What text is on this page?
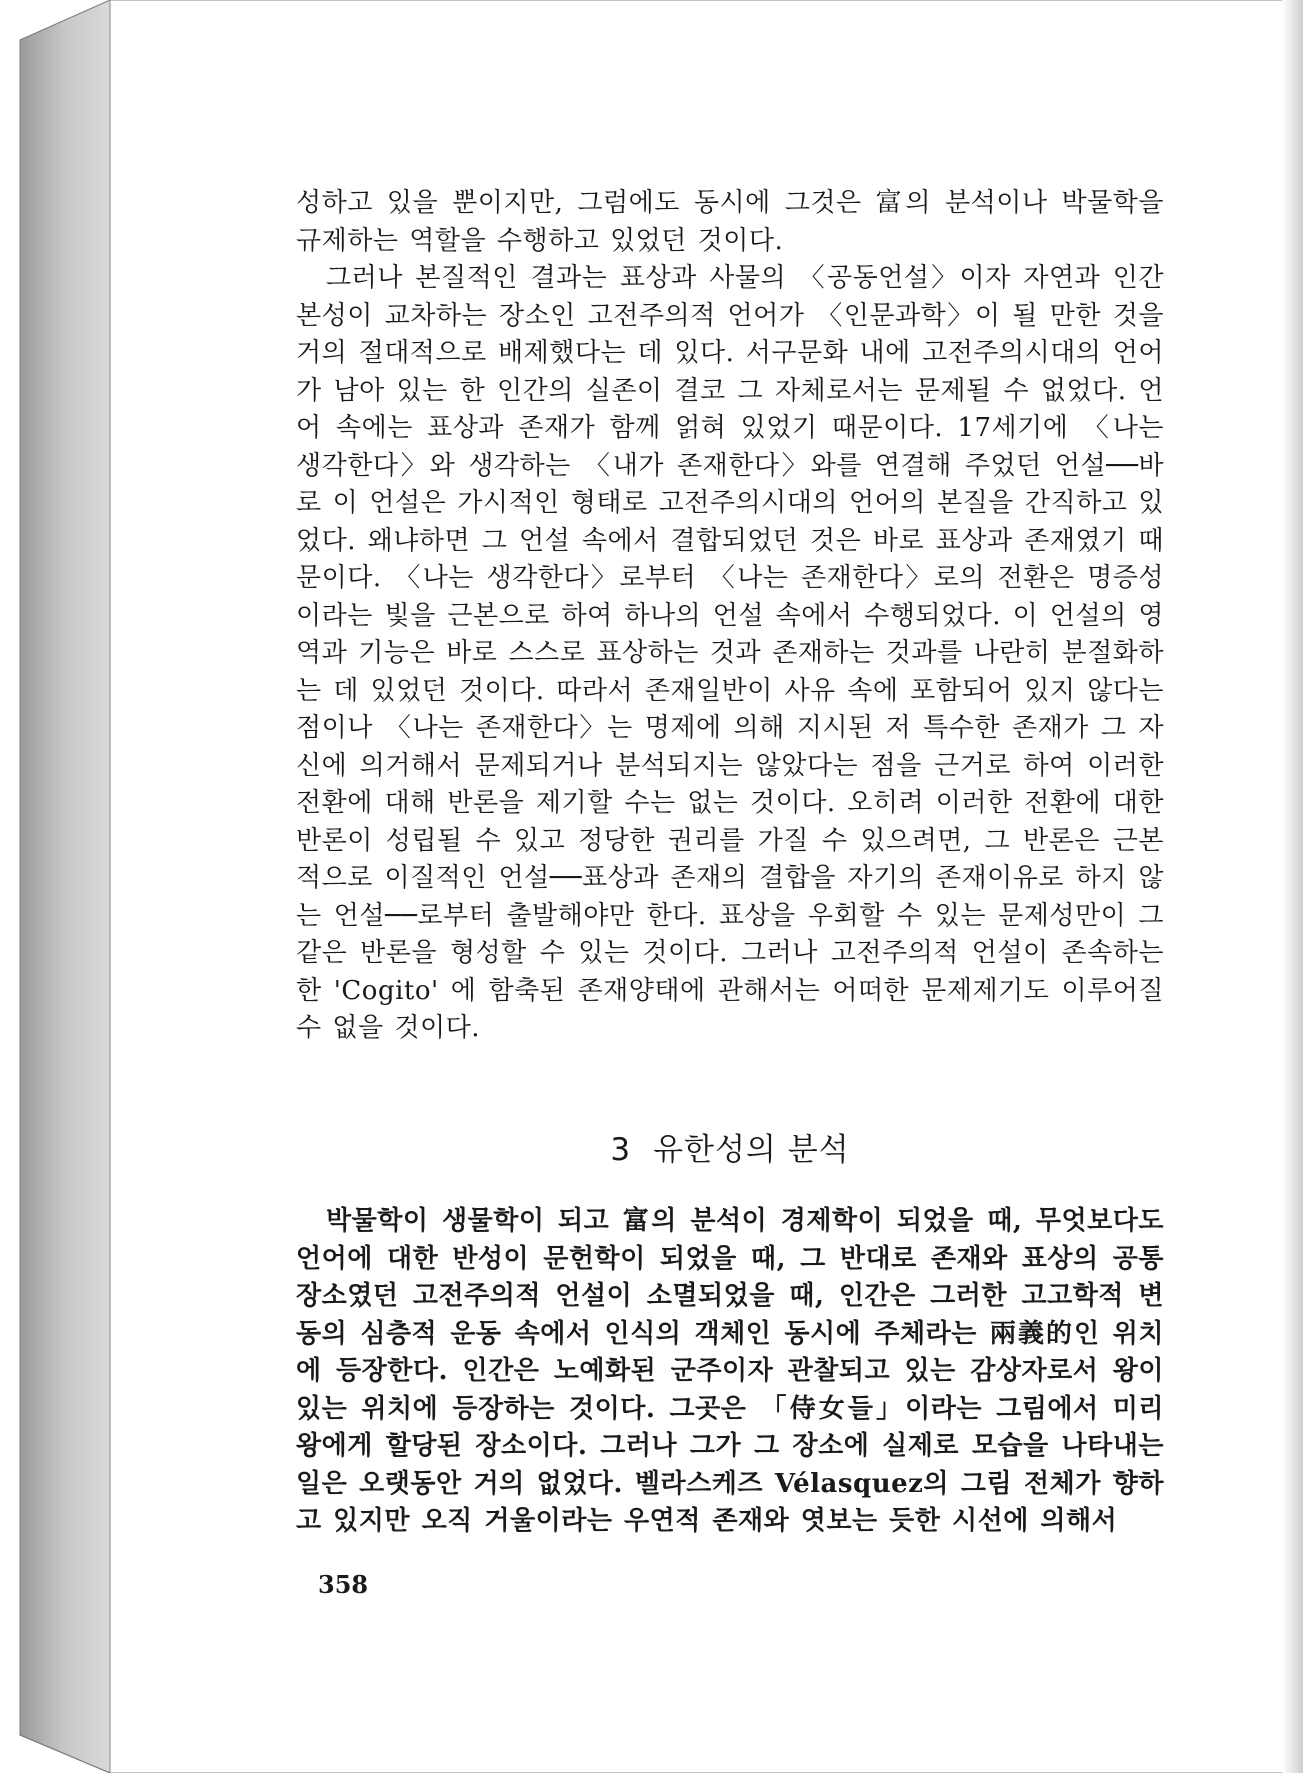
성하고 있을 뿐이지만, 그럼에도 동시에 그것은 富의 분석이나 박물학을 규제하는 역할을 수행하고 있었던 것이다.

그러나 본질적인 결과는 표상과 사물의 〈공동언설〉이자 자연과 인간본성이 교차하는 장소인 고전주의적 언어가 〈인문과학〉이 될 만한 것을 거의 절대적으로 배제했다는 데 있다. 서구문화 내에 고전주의시대의 언어가 남아 있는 한 인간의 실존이 결코 그 자체로서는 문제될 수 없었다. 언어 속에는 표상과 존재가 함께 얽혀 있었기 때문이다. 17세기에 〈나는 생각한다〉와 생각하는 〈내가 존재한다〉와를 연결해 주었던 언설──바로 이 언설은 가시적인 형태로 고전주의시대의 언어의 본질을 간직하고 있었다. 왜냐하면 그 언설 속에서 결합되었던 것은 바로 표상과 존재였기 때문이다. 〈나는 생각한다〉로부터 〈나는 존재한다〉로의 전환은 명증성이라는 빛을 근본으로 하여 하나의 언설 속에서 수행되었다. 이 언설의 영역과 기능은 바로 스스로 표상하는 것과 존재하는 것과를 나란히 분절화하는 데 있었던 것이다. 따라서 존재일반이 사유 속에 포함되어 있지 않다는 점이나 〈나는 존재한다〉는 명제에 의해 지시된 저 특수한 존재가 그 자신에 의거해서 문제되거나 분석되지는 않았다는 점을 근거로 하여 이러한 전환에 대해 반론을 제기할 수는 없는 것이다. 오히려 이러한 전환에 대한 반론이 성립될 수 있고 정당한 권리를 가질 수 있으려면, 그 반론은 근본적으로 이질적인 언설──표상과 존재의 결합을 자기의 존재이유로 하지 않는 언설──로부터 출발해야만 한다. 표상을 우회할 수 있는 문제성만이 그 같은 반론을 형성할 수 있는 것이다. 그러나 고전주의적 언설이 존속하는 한 'Cogito' 에 함축된 존재양태에 관해서는 어떠한 문제제기도 이루어질 수 없을 것이다.

3 유한성의 분석

박물학이 생물학이 되고 富의 분석이 경제학이 되었을 때, 무엇보다도 언어에 대한 반성이 문헌학이 되었을 때, 그 반대로 존재와 표상의 공통 장소였던 고전주의적 언설이 소멸되었을 때, 인간은 그러한 고고학적 변동의 심층적 운동 속에서 인식의 객체인 동시에 주체라는 兩義的인 위치에 등장한다. 인간은 노예화된 군주이자 관찰되고 있는 감상자로서 왕이 있는 위치에 등장하는 것이다. 그곳은 「侍女들」이라는 그림에서 미리 왕에게 할당된 장소이다. 그러나 그가 그 장소에 실제로 모습을 나타내는 일은 오랫동안 거의 없었다. 벨라스케즈 Vélasquez의 그림 전체가 향하고 있지만 오직 거울이라는 우연적 존재와 엿보는 듯한 시선에 의해서

358
